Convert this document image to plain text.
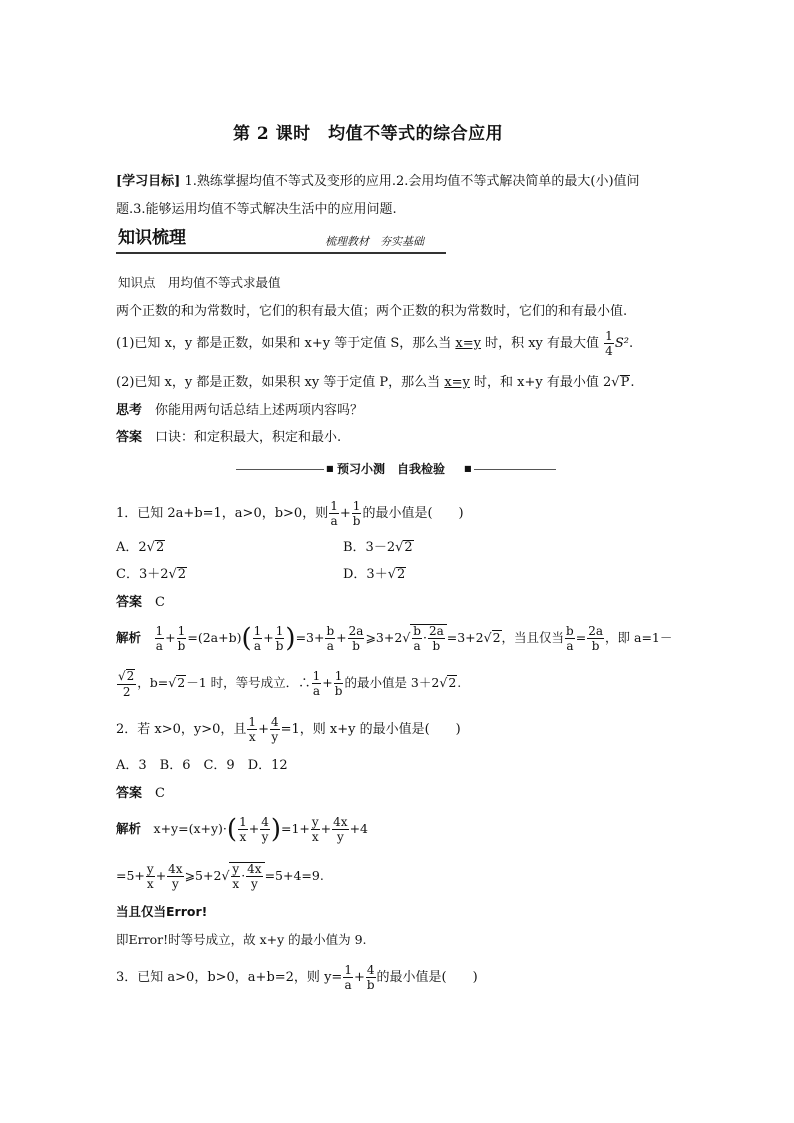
第 2 课时　均值不等式的综合应用
[学习目标] 1.熟练掌握均值不等式及变形的应用.2.会用均值不等式解决简单的最大(小)值问
题.3.能够运用均值不等式解决生活中的应用问题.
知识梳理	梳理教材　夯实基础
知识点　用均值不等式求最值
两个正数的和为常数时，它们的积有最大值；两个正数的积为常数时，它们的和有最小值.
(1)已知 x，y 都是正数，如果和 x+y 等于定值 S，那么当 x=y 时，积 xy 有最大值 $\frac{1}{4} S^2$.
(2)已知 x，y 都是正数，如果积 xy 等于定值 P，那么当 x=y 时，和 x+y 有最小值 2√P.
思考　 你能用两句话总结上述两项内容吗？
答案　 口诀：和定积最大，积定和最小.
■ 预习小测　自我检验 ■
1．已知 2a+b=1，a>0，b>0，则 $\frac{1}{a} + \frac{1}{b}$ 的最小值是(　　)
A．2√2	B．3－2√2
C．3＋2√2	D．3＋√2
答案　 C
解析　 $\frac{1}{a} + \frac{1}{b} =(2a+b)( \frac{1}{a} + \frac{1}{b} )=3+ \frac{b}{a} + \frac{2a}{b}$ ⩾3+2√ $\frac{b}{a} \cdot \frac{2a}{b} =3+2√2$，当且仅当 $\frac{b}{a} = \frac{2a}{b}$ ，即 a=1－
$\frac{√2}{2}$ ，b=√2－1 时，等号成立．∴ $\frac{1}{a} + \frac{1}{b}$ 的最小值是 3＋2√2.
2．若 x>0，y>0，且 $\frac{1}{x} + \frac{4}{y} =1$，则 x+y 的最小值是(　　)
A．3　B．6　C．9　D．12
答案　 C
解析　 $x+y=(x+y)\cdot( \frac{1}{x} + \frac{4}{y} )=1+ \frac{y}{x} + \frac{4x}{y} +4$
$=5+ \frac{y}{x} + \frac{4x}{y}$ ⩾5+2√ $\frac{y}{x} \cdot \frac{4x}{y} =5+4=9$.
当且仅当Error!
即Error!时等号成立，故 x+y 的最小值为 9.
3．已知 a>0，b>0，a+b=2，则 $y= \frac{1}{a} + \frac{4}{b}$ 的最小值是(　　)
